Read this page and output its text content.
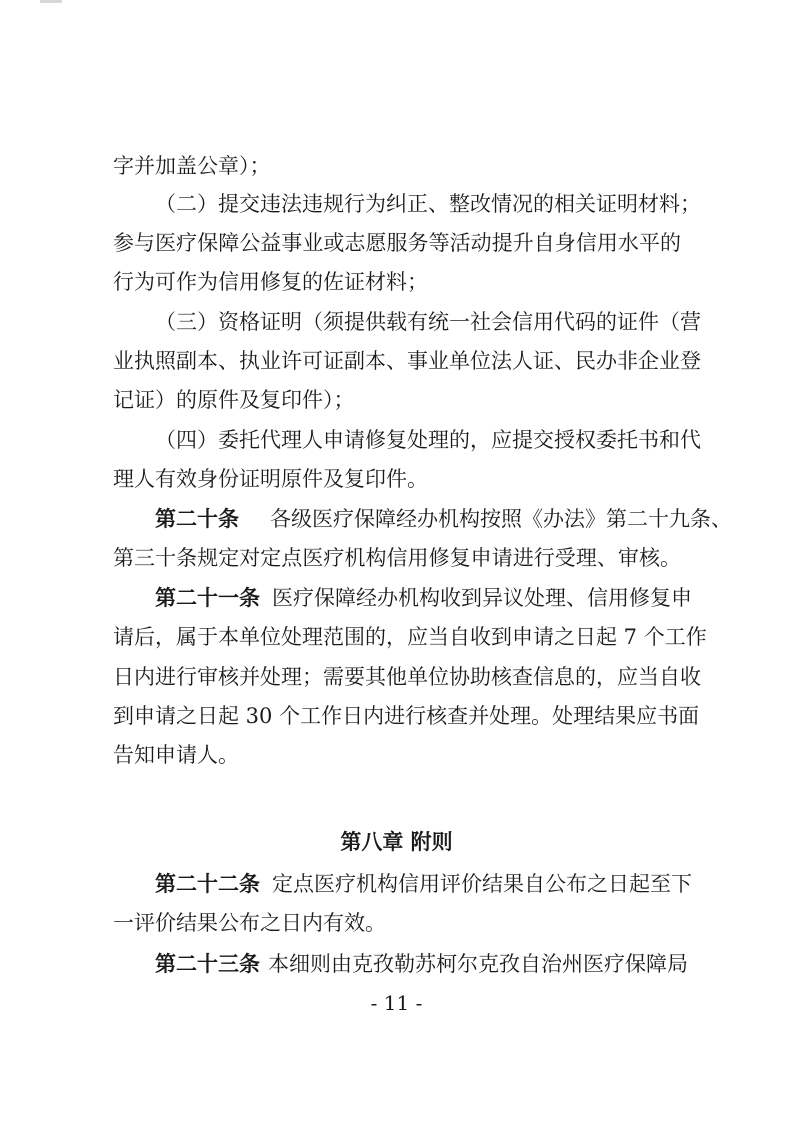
字并加盖公章）；
（二）提交违法违规行为纠正、整改情况的相关证明材料；
参与医疗保障公益事业或志愿服务等活动提升自身信用水平的
行为可作为信用修复的佐证材料；
（三）资格证明（须提供载有统一社会信用代码的证件（营
业执照副本、执业许可证副本、事业单位法人证、民办非企业登
记证）的原件及复印件）；
（四）委托代理人申请修复处理的，应提交授权委托书和代
理人有效身份证明原件及复印件。
第二十条	各级医疗保障经办机构按照《办法》第二十九条、
第三十条规定对定点医疗机构信用修复申请进行受理、审核。
第二十一条 医疗保障经办机构收到异议处理、信用修复申
请后，属于本单位处理范围的，应当自收到申请之日起 7 个工作
日内进行审核并处理；需要其他单位协助核查信息的，应当自收
到申请之日起 30 个工作日内进行核查并处理。处理结果应书面
告知申请人。
第八章 附则
第二十二条 定点医疗机构信用评价结果自公布之日起至下
一评价结果公布之日内有效。
第二十三条 本细则由克孜勒苏柯尔克孜自治州医疗保障局
- 11 -
